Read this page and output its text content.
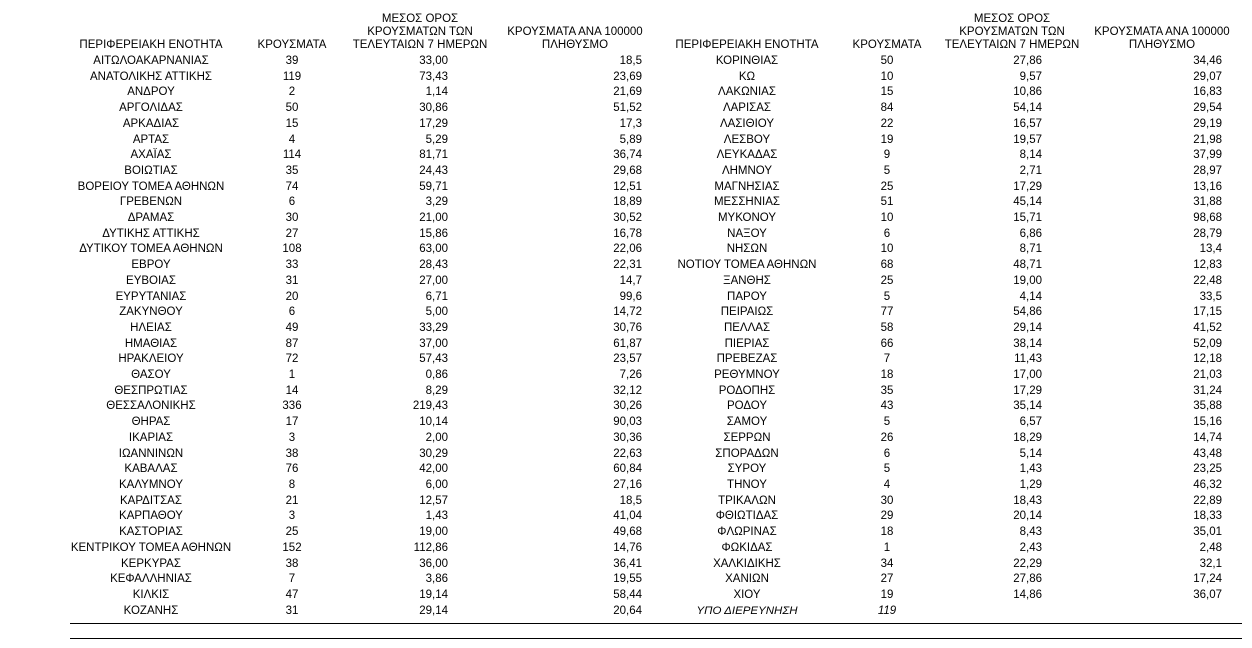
ΠΕΡΙΦΕΡΕΙΑΚΗ ΕΝΟΤΗΤΑ	ΚΡΟΥΣΜΑΤΑ	ΜΕΣΟΣ ΟΡΟΣ ΚΡΟΥΣΜΑΤΩΝ ΤΩΝ ΤΕΛΕΥΤΑΙΩΝ 7 ΗΜΕΡΩΝ	ΚΡΟΥΣΜΑΤΑ ΑΝΑ 100000 ΠΛΗΘΥΣΜΟ	ΠΕΡΙΦΕΡΕΙΑΚΗ ΕΝΟΤΗΤΑ	ΚΡΟΥΣΜΑΤΑ	ΜΕΣΟΣ ΟΡΟΣ ΚΡΟΥΣΜΑΤΩΝ ΤΩΝ ΤΕΛΕΥΤΑΙΩΝ 7 ΗΜΕΡΩΝ	ΚΡΟΥΣΜΑΤΑ ΑΝΑ 100000 ΠΛΗΘΥΣΜΟ
ΑΙΤΩΛΟΑΚΑΡΝΑΝΙΑΣ	39	33,00	18,5	ΚΟΡΙΝΘΙΑΣ	50	27,86	34,46
ΑΝΑΤΟΛΙΚΗΣ ΑΤΤΙΚΗΣ	119	73,43	23,69	ΚΩ	10	9,57	29,07
ΑΝΔΡΟΥ	2	1,14	21,69	ΛΑΚΩΝΙΑΣ	15	10,86	16,83
ΑΡΓΟΛΙΔΑΣ	50	30,86	51,52	ΛΑΡΙΣΑΣ	84	54,14	29,54
ΑΡΚΑΔΙΑΣ	15	17,29	17,3	ΛΑΣΙΘΙΟΥ	22	16,57	29,19
ΑΡΤΑΣ	4	5,29	5,89	ΛΕΣΒΟΥ	19	19,57	21,98
ΑΧΑΪΑΣ	114	81,71	36,74	ΛΕΥΚΑΔΑΣ	9	8,14	37,99
ΒΟΙΩΤΙΑΣ	35	24,43	29,68	ΛΗΜΝΟΥ	5	2,71	28,97
ΒΟΡΕΙΟΥ ΤΟΜΕΑ ΑΘΗΝΩΝ	74	59,71	12,51	ΜΑΓΝΗΣΙΑΣ	25	17,29	13,16
ΓΡΕΒΕΝΩΝ	6	3,29	18,89	ΜΕΣΣΗΝΙΑΣ	51	45,14	31,88
ΔΡΑΜΑΣ	30	21,00	30,52	ΜΥΚΟΝΟΥ	10	15,71	98,68
ΔΥΤΙΚΗΣ ΑΤΤΙΚΗΣ	27	15,86	16,78	ΝΑΞΟΥ	6	6,86	28,79
ΔΥΤΙΚΟΥ ΤΟΜΕΑ ΑΘΗΝΩΝ	108	63,00	22,06	ΝΗΣΩΝ	10	8,71	13,4
ΕΒΡΟΥ	33	28,43	22,31	ΝΟΤΙΟΥ ΤΟΜΕΑ ΑΘΗΝΩΝ	68	48,71	12,83
ΕΥΒΟΙΑΣ	31	27,00	14,7	ΞΑΝΘΗΣ	25	19,00	22,48
ΕΥΡΥΤΑΝΙΑΣ	20	6,71	99,6	ΠΑΡΟΥ	5	4,14	33,5
ΖΑΚΥΝΘΟΥ	6	5,00	14,72	ΠΕΙΡΑΙΩΣ	77	54,86	17,15
ΗΛΕΙΑΣ	49	33,29	30,76	ΠΕΛΛΑΣ	58	29,14	41,52
ΗΜΑΘΙΑΣ	87	37,00	61,87	ΠΙΕΡΙΑΣ	66	38,14	52,09
ΗΡΑΚΛΕΙΟΥ	72	57,43	23,57	ΠΡΕΒΕΖΑΣ	7	11,43	12,18
ΘΑΣΟΥ	1	0,86	7,26	ΡΕΘΥΜΝΟΥ	18	17,00	21,03
ΘΕΣΠΡΩΤΙΑΣ	14	8,29	32,12	ΡΟΔΟΠΗΣ	35	17,29	31,24
ΘΕΣΣΑΛΟΝΙΚΗΣ	336	219,43	30,26	ΡΟΔΟΥ	43	35,14	35,88
ΘΗΡΑΣ	17	10,14	90,03	ΣΑΜΟΥ	5	6,57	15,16
ΙΚΑΡΙΑΣ	3	2,00	30,36	ΣΕΡΡΩΝ	26	18,29	14,74
ΙΩΑΝΝΙΝΩΝ	38	30,29	22,63	ΣΠΟΡΑΔΩΝ	6	5,14	43,48
ΚΑΒΑΛΑΣ	76	42,00	60,84	ΣΥΡΟΥ	5	1,43	23,25
ΚΑΛΥΜΝΟΥ	8	6,00	27,16	ΤΗΝΟΥ	4	1,29	46,32
ΚΑΡΔΙΤΣΑΣ	21	12,57	18,5	ΤΡΙΚΑΛΩΝ	30	18,43	22,89
ΚΑΡΠΑΘΟΥ	3	1,43	41,04	ΦΘΙΩΤΙΔΑΣ	29	20,14	18,33
ΚΑΣΤΟΡΙΑΣ	25	19,00	49,68	ΦΛΩΡΙΝΑΣ	18	8,43	35,01
ΚΕΝΤΡΙΚΟΥ ΤΟΜΕΑ ΑΘΗΝΩΝ	152	112,86	14,76	ΦΩΚΙΔΑΣ	1	2,43	2,48
ΚΕΡΚΥΡΑΣ	38	36,00	36,41	ΧΑΛΚΙΔΙΚΗΣ	34	22,29	32,1
ΚΕΦΑΛΛΗΝΙΑΣ	7	3,86	19,55	ΧΑΝΙΩΝ	27	27,86	17,24
ΚΙΛΚΙΣ	47	19,14	58,44	ΧΙΟΥ	19	14,86	36,07
ΚΟΖΑΝΗΣ	31	29,14	20,64	ΥΠΟ ΔΙΕΡΕΥΝΗΣΗ	119		
